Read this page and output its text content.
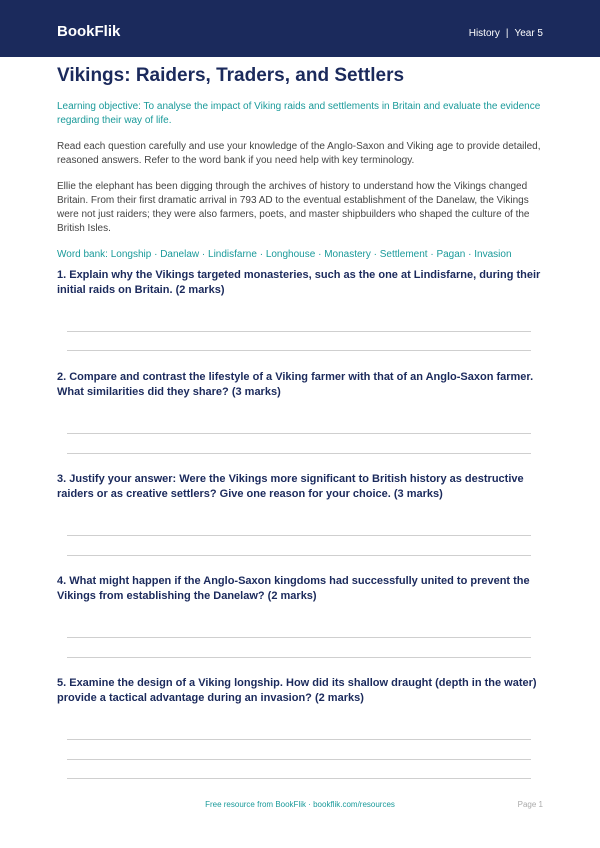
BookFlik	History | Year 5
Vikings: Raiders, Traders, and Settlers
Learning objective: To analyse the impact of Viking raids and settlements in Britain and evaluate the evidence regarding their way of life.
Read each question carefully and use your knowledge of the Anglo-Saxon and Viking age to provide detailed, reasoned answers. Refer to the word bank if you need help with key terminology.
Ellie the elephant has been digging through the archives of history to understand how the Vikings changed Britain. From their first dramatic arrival in 793 AD to the eventual establishment of the Danelaw, the Vikings were not just raiders; they were also farmers, poets, and master shipbuilders who shaped the culture of the British Isles.
Word bank: Longship · Danelaw · Lindisfarne · Longhouse · Monastery · Settlement · Pagan · Invasion
1. Explain why the Vikings targeted monasteries, such as the one at Lindisfarne, during their initial raids on Britain. (2 marks)
2. Compare and contrast the lifestyle of a Viking farmer with that of an Anglo-Saxon farmer. What similarities did they share? (3 marks)
3. Justify your answer: Were the Vikings more significant to British history as destructive raiders or as creative settlers? Give one reason for your choice. (3 marks)
4. What might happen if the Anglo-Saxon kingdoms had successfully united to prevent the Vikings from establishing the Danelaw? (2 marks)
5. Examine the design of a Viking longship. How did its shallow draught (depth in the water) provide a tactical advantage during an invasion? (2 marks)
Free resource from BookFlik · bookflik.com/resources	Page 1
